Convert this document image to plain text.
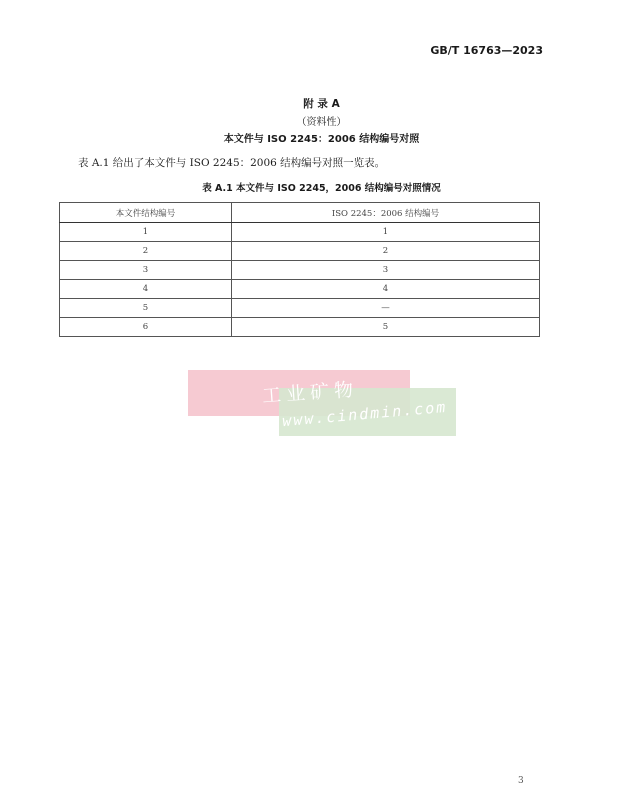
GB/T 16763—2023
附 录 A
（资料性）
本文件与 ISO 2245：2006 结构编号对照
表 A.1 给出了本文件与 ISO 2245：2006 结构编号对照一览表。
表 A.1 本文件与 ISO 2245，2006 结构编号对照情况
本文件结构编号	ISO 2245：2006 结构编号
1	1
2	2
3	3
4	4
5	—
6	5
工业矿物
www.cindmin.com
3
